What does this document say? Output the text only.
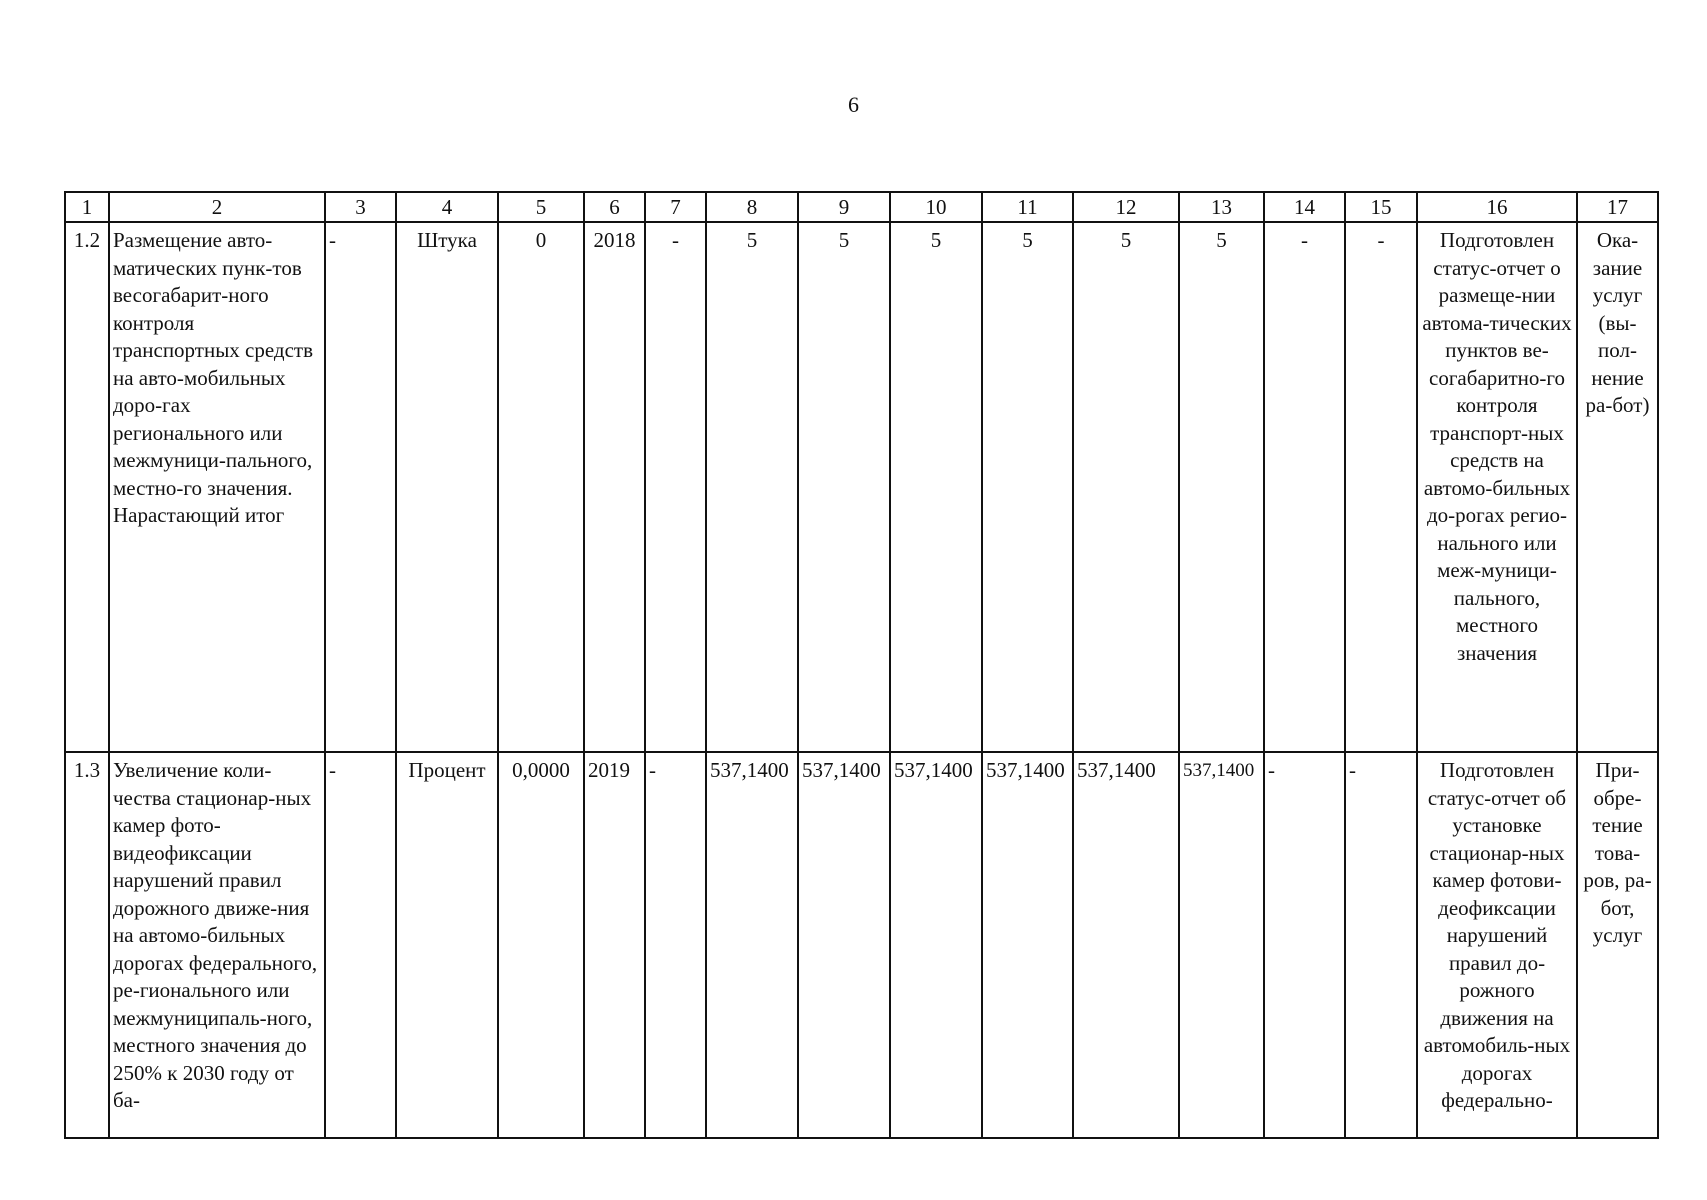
6
1	2	3	4	5	6	7	8	9	10	11	12	13	14	15	16	17
1.2	Размещение авто-матических пунк-тов весогабарит-ного контроля транспортных средств на авто-мобильных доро-гах регионального или межмуници-пального, местно-го значения. Нарастающий итог	-	Штука	0	2018	-	5	5	5	5	5	5	-	-	Подготовлен статус-отчет о размеще-нии автома-тических пунктов ве-согабаритно-го контроля транспорт-ных средств на автомо-бильных до-рогах регио-нального или меж-муници-пального, местного значения	Ока-зание услуг (вы-пол-нение ра-бот)
1.3	Увеличение коли-чества стационар-ных камер фото-видеофиксации нарушений правил дорожного движе-ния на автомо-бильных дорогах федерального, ре-гионального или межмуниципаль-ного, местного значения до 250% к 2030 году от ба-	-	Процент	0,0000	2019	-	537,1400	537,1400	537,1400	537,1400	537,1400	537,1400	-	-	Подготовлен статус-отчет об установке стационар-ных камер фотови-деофиксации нарушений правил до-рожного движения на автомобиль-ных дорогах федерально-	При-обре-тение това-ров, ра-бот, услуг
